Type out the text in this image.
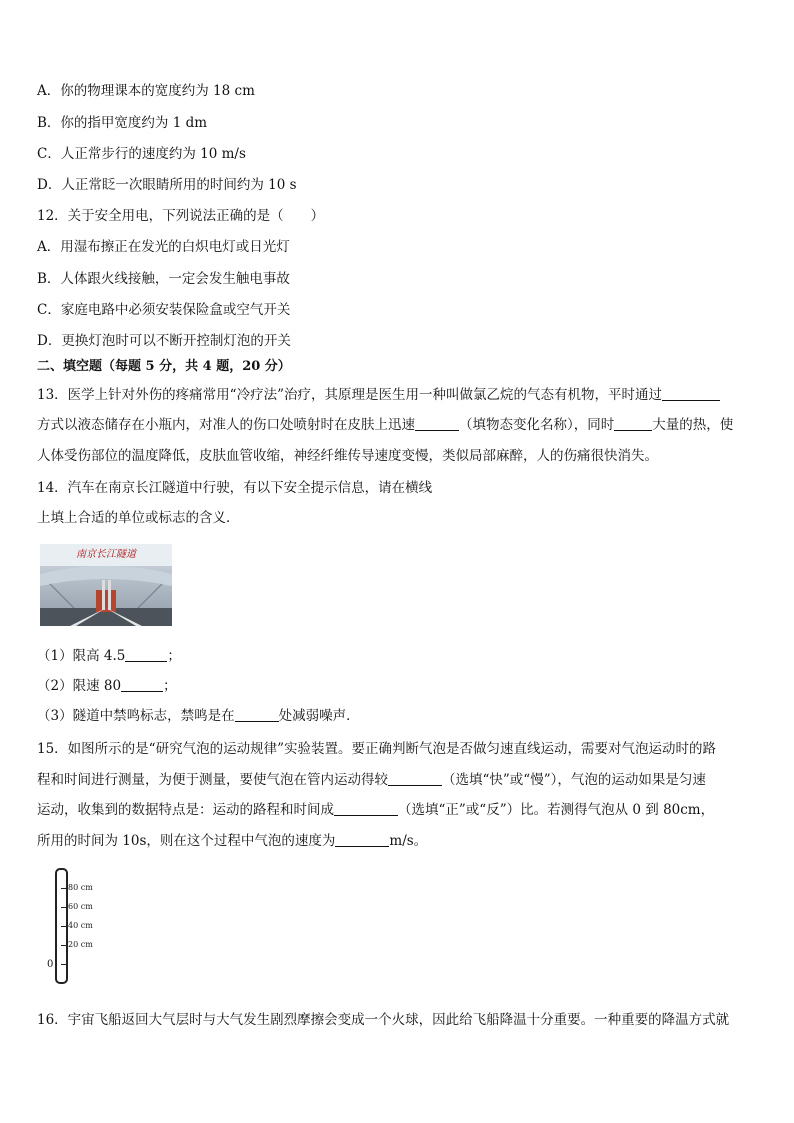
A．你的物理课本的宽度约为 18 cm
B．你的指甲宽度约为 1 dm
C．人正常步行的速度约为 10 m/s
D．人正常眨一次眼睛所用的时间约为 10 s
12．关于安全用电，下列说法正确的是（　　）
A．用湿布擦正在发光的白炽电灯或日光灯
B．人体跟火线接触，一定会发生触电事故
C．家庭电路中必须安装保险盒或空气开关
D．更换灯泡时可以不断开控制灯泡的开关
二、填空题（每题 5 分，共 4 题，20 分）
13．医学上针对外伤的疼痛常用“冷疗法”治疗，其原理是医生用一种叫做氯乙烷的气态有机物，平时通过
方式以液态储存在小瓶内，对准人的伤口处喷射时在皮肤上迅速	（填物态变化名称），同时	大量的热，使
人体受伤部位的温度降低，皮肤血管收缩，神经纤维传导速度变慢，类似局部麻醉，人的伤痛很快消失。
14．汽车在南京长江隧道中行驶，有以下安全提示信息，请在横线
上填上合适的单位或标志的含义．
南京长江隧道
（1）限高 4.5	；
（2）限速 80	；
（3）隧道中禁鸣标志，禁鸣是在	处减弱噪声．
15．如图所示的是“研究气泡的运动规律”实验装置。要正确判断气泡是否做匀速直线运动，需要对气泡运动时的路
程和时间进行测量，为便于测量，要使气泡在管内运动得较	（选填“快”或“慢”），气泡的运动如果是匀速
运动，收集到的数据特点是：运动的路程和时间成	（选填“正”或“反”）比。若测得气泡从 0 到 80cm，
所用的时间为 10s，则在这个过程中气泡的速度为	m/s。
80 cm
60 cm
40 cm
20 cm
0
16．宇宙飞船返回大气层时与大气发生剧烈摩擦会变成一个火球，因此给飞船降温十分重要。一种重要的降温方式就
